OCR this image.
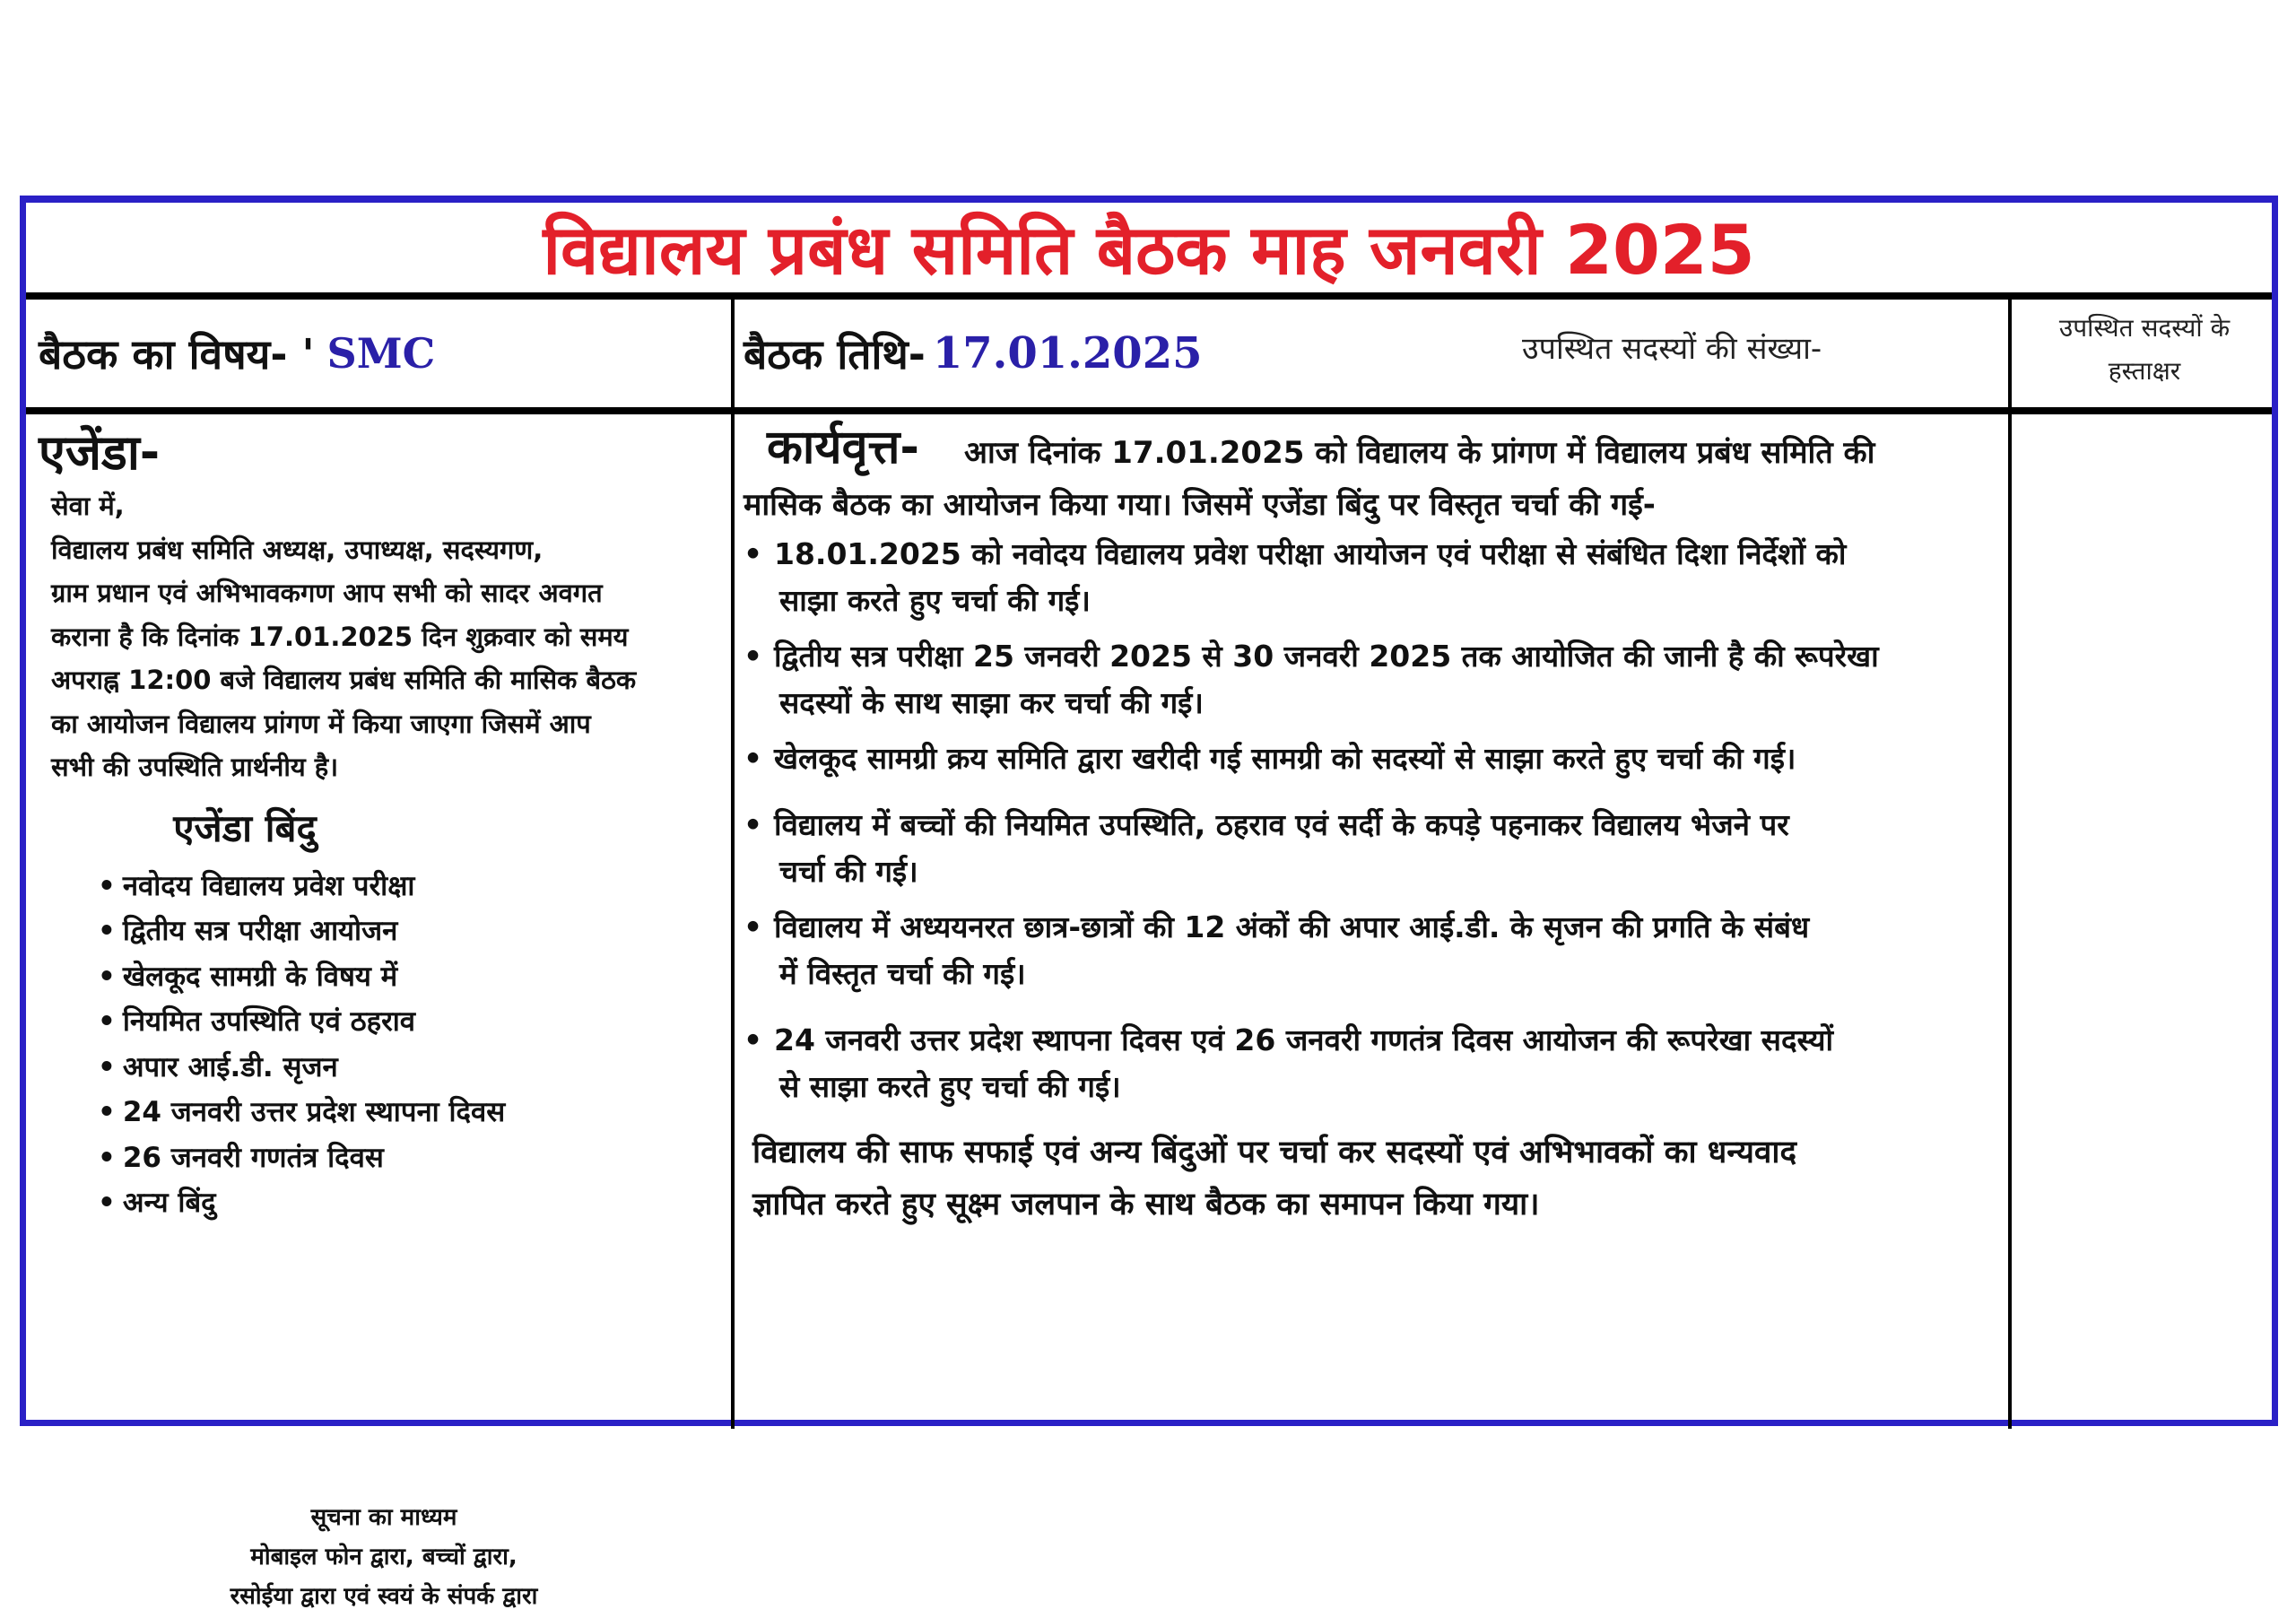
विद्यालय प्रबंध समिति बैठक माह जनवरी 2025
बैठक का विषय- ' SMC	बैठक तिथि- 17.01.2025	उपस्थित सदस्यों की संख्या-
उपस्थित सदस्यों के
हस्ताक्षर
एजेंडा-

सेवा में,

विद्यालय प्रबंध समिति अध्यक्ष, उपाध्यक्ष, सदस्यगण,

ग्राम प्रधान एवं अभिभावकगण आप सभी को सादर अवगत

कराना है कि दिनांक 17.01.2025 दिन शुक्रवार को समय

अपराह्न 12:00 बजे विद्यालय प्रबंध समिति की मासिक बैठक

का आयोजन विद्यालय प्रांगण में किया जाएगा जिसमें आप

सभी की उपस्थिति प्रार्थनीय है।

एजेंडा बिंदु
• नवोदय विद्यालय प्रवेश परीक्षा
• द्वितीय सत्र परीक्षा आयोजन
• खेलकूद सामग्री के विषय में
• नियमित उपस्थिति एवं ठहराव
• अपार आई.डी. सृजन
• 24 जनवरी उत्तर प्रदेश स्थापना दिवस
• 26 जनवरी गणतंत्र दिवस
• अन्य बिंदु
सूचना का माध्यम
मोबाइल फोन द्वारा, बच्चों द्वारा,
रसोईया द्वारा एवं स्वयं के संपर्क द्वारा

कार्यवृत्त- आज दिनांक 17.01.2025 को विद्यालय के प्रांगण में विद्यालय प्रबंध समिति की

मासिक बैठक का आयोजन किया गया। जिसमें एजेंडा बिंदु पर विस्तृत चर्चा की गई-

• 18.01.2025 को नवोदय विद्यालय प्रवेश परीक्षा आयोजन एवं परीक्षा से संबंधित दिशा निर्देशों को
साझा करते हुए चर्चा की गई।
• द्वितीय सत्र परीक्षा 25 जनवरी 2025 से 30 जनवरी 2025 तक आयोजित की जानी है की रूपरेखा
सदस्यों के साथ साझा कर चर्चा की गई।
• खेलकूद सामग्री क्रय समिति द्वारा खरीदी गई सामग्री को सदस्यों से साझा करते हुए चर्चा की गई।
• विद्यालय में बच्चों की नियमित उपस्थिति, ठहराव एवं सर्दी के कपड़े पहनाकर विद्यालय भेजने पर
चर्चा की गई।
• विद्यालय में अध्ययनरत छात्र-छात्रों की 12 अंकों की अपार आई.डी. के सृजन की प्रगति के संबंध
में विस्तृत चर्चा की गई।
• 24 जनवरी उत्तर प्रदेश स्थापना दिवस एवं 26 जनवरी गणतंत्र दिवस आयोजन की रूपरेखा सदस्यों
से साझा करते हुए चर्चा की गई।

विद्यालय की साफ सफाई एवं अन्य बिंदुओं पर चर्चा कर सदस्यों एवं अभिभावकों का धन्यवाद

ज्ञापित करते हुए सूक्ष्म जलपान के साथ बैठक का समापन किया गया।
